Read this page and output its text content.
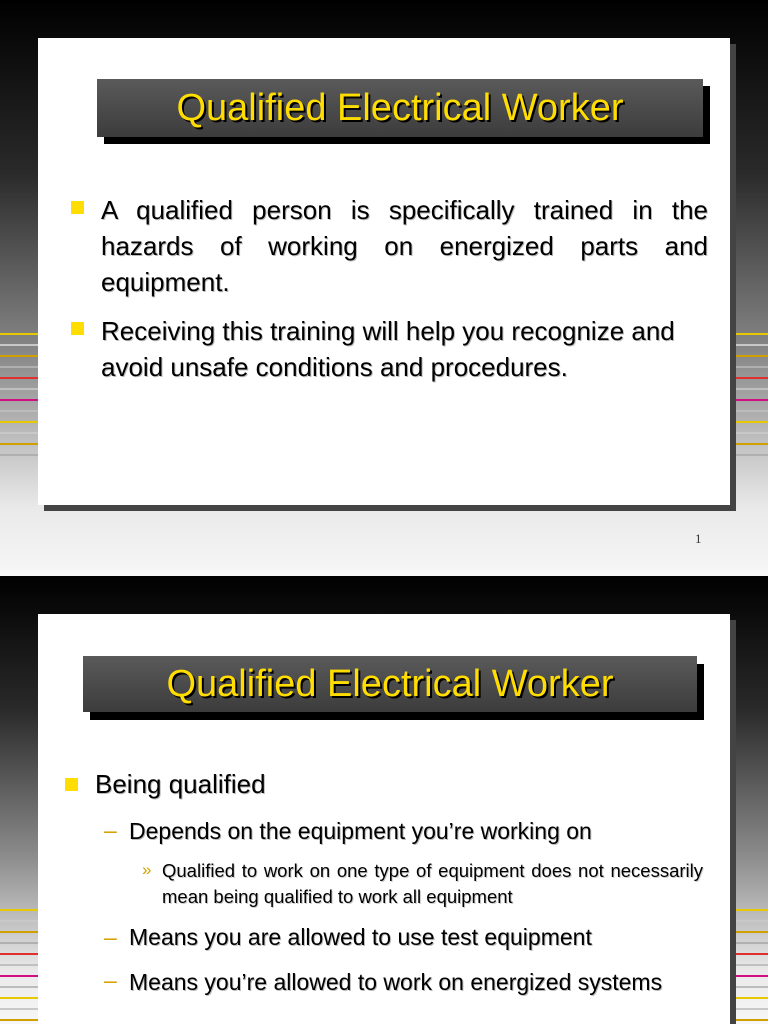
Qualified Electrical Worker
A qualified person is specifically trained in the hazards of working on energized parts and equipment.
Receiving this training will help you recognize and avoid unsafe conditions and procedures.
1
Qualified Electrical Worker
Being qualified
– Depends on the equipment you’re working on
» Qualified to work on one type of equipment does not necessarily mean being qualified to work all equipment
– Means you are allowed to use test equipment
– Means you’re allowed to work on energized systems
